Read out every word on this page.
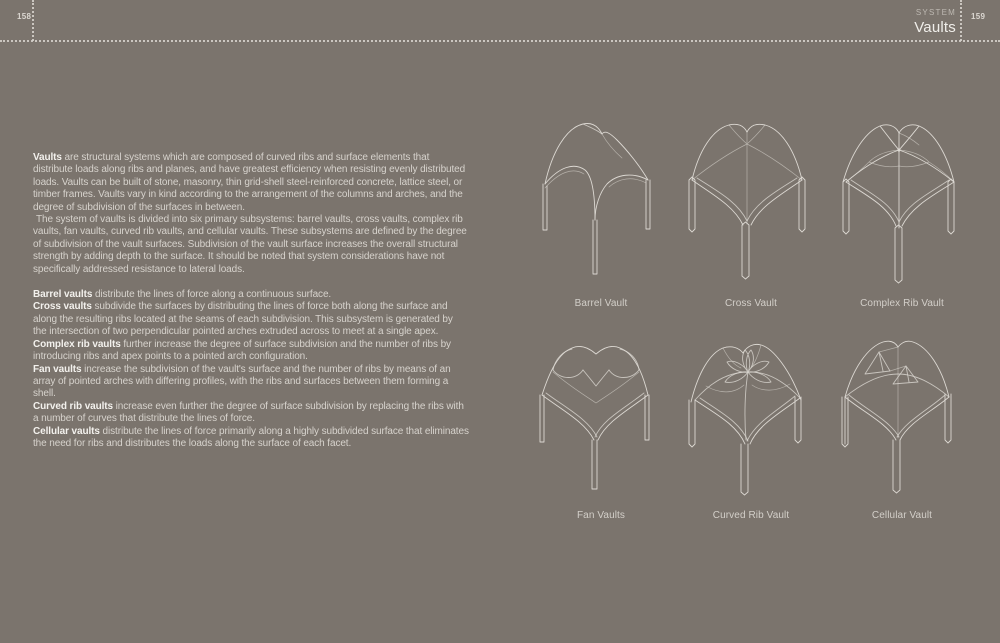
158	159
SYSTEM
Vaults

Vaults are structural systems which are composed of curved ribs and surface elements that distribute loads along ribs and planes, and have greatest efficiency when resisting evenly distributed loads. Vaults can be built of stone, masonry, thin grid-shell steel-reinforced concrete, lattice steel, or timber frames. Vaults vary in kind according to the arrangement of the columns and arches, and the degree of subdivision of the surfaces in between.

The system of vaults is divided into six primary subsystems: barrel vaults, cross vaults, complex rib vaults, fan vaults, curved rib vaults, and cellular vaults. These subsystems are defined by the degree of subdivision of the vault surfaces. Subdivision of the vault surface increases the overall structural strength by adding depth to the surface. It should be noted that system considerations have not specifically addressed resistance to lateral loads.

Barrel vaults distribute the lines of force along a continuous surface.

Cross vaults subdivide the surfaces by distributing the lines of force both along the surface and along the resulting ribs located at the seams of each subdivision. This subsystem is generated by the intersection of two perpendicular pointed arches extruded across to meet at a single apex.

Complex rib vaults further increase the degree of surface subdivision and the number of ribs by introducing ribs and apex points to a pointed arch configuration.

Fan vaults increase the subdivision of the vault's surface and the number of ribs by means of an array of pointed arches with differing profiles, with the ribs and surfaces between them forming a shell.

Curved rib vaults increase even further the degree of surface subdivision by replacing the ribs with a number of curves that distribute the lines of force.

Cellular vaults distribute the lines of force primarily along a highly subdivided surface that eliminates the need for ribs and distributes the loads along the surface of each facet.

Barrel Vault	Cross Vault	Complex Rib Vault
Fan Vaults	Curved Rib Vault	Cellular Vault
